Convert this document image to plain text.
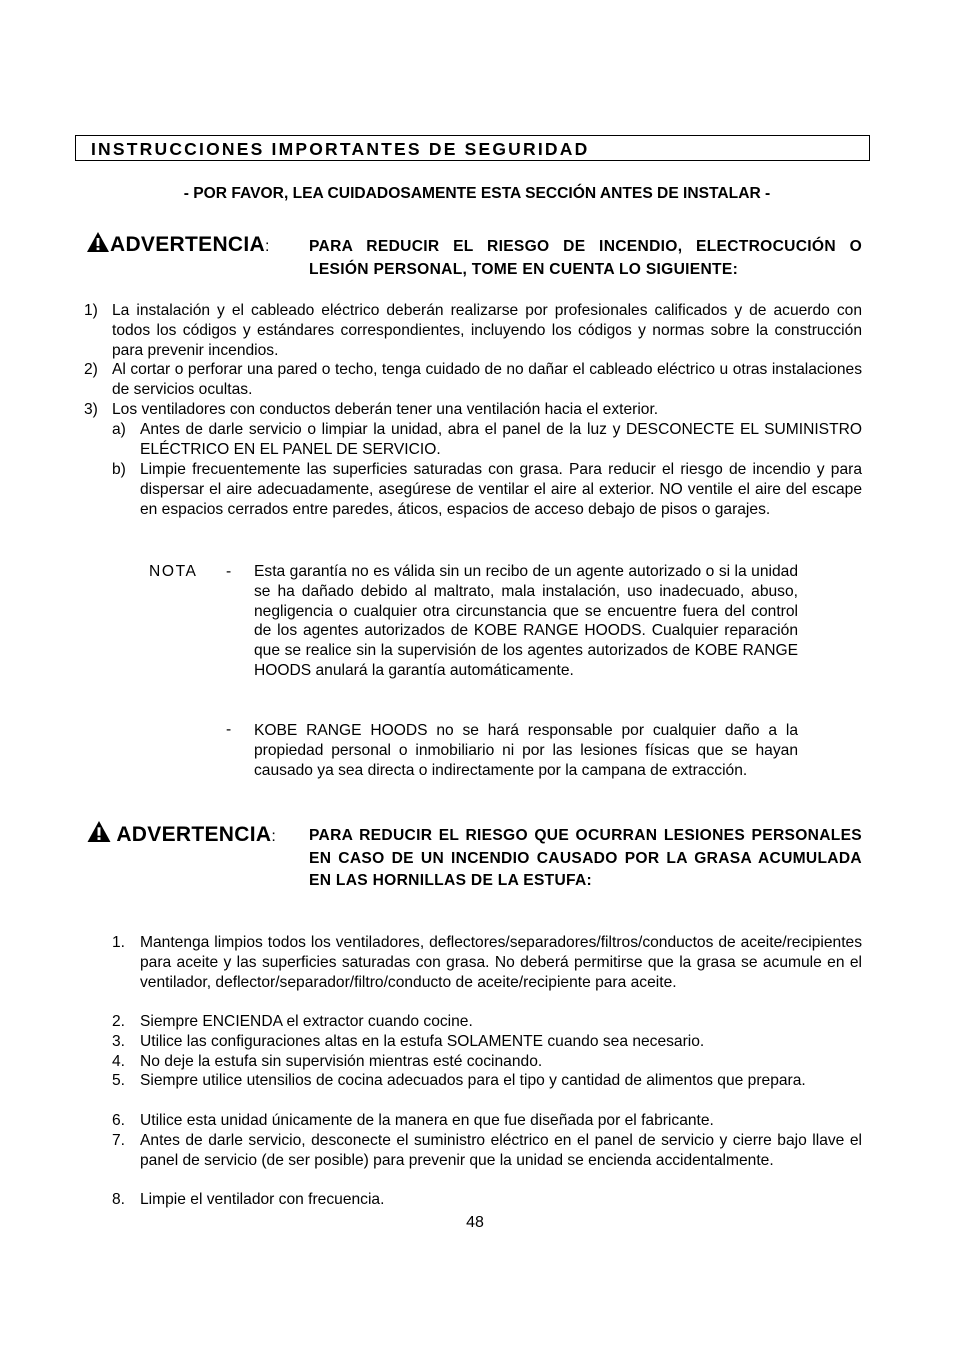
INSTRUCCIONES IMPORTANTES DE SEGURIDAD
- POR FAVOR, LEA CUIDADOSAMENTE ESTA SECCIÓN ANTES DE INSTALAR -
ADVERTENCIA:	PARA REDUCIR EL RIESGO DE INCENDIO, ELECTROCUCIÓN O LESIÓN PERSONAL, TOME EN CUENTA LO SIGUIENTE:
1) La instalación y el cableado eléctrico deberán realizarse por profesionales calificados y de acuerdo con todos los códigos y estándares correspondientes, incluyendo los códigos y normas sobre la construcción para prevenir incendios.
2) Al cortar o perforar una pared o techo, tenga cuidado de no dañar el cableado eléctrico u otras instalaciones de servicios ocultas.
3) Los ventiladores con conductos deberán tener una ventilación hacia el exterior.
a) Antes de darle servicio o limpiar la unidad, abra el panel de la luz y DESCONECTE EL SUMINISTRO ELÉCTRICO EN EL PANEL DE SERVICIO.
b) Limpie frecuentemente las superficies saturadas con grasa. Para reducir el riesgo de incendio y para dispersar el aire adecuadamente, asegúrese de ventilar el aire al exterior. NO ventile el aire del escape en espacios cerrados entre paredes, áticos, espacios de acceso debajo de pisos o garajes.
NOTA - Esta garantía no es válida sin un recibo de un agente autorizado o si la unidad se ha dañado debido al maltrato, mala instalación, uso inadecuado, abuso, negligencia o cualquier otra circunstancia que se encuentre fuera del control de los agentes autorizados de KOBE RANGE HOODS. Cualquier reparación que se realice sin la supervisión de los agentes autorizados de KOBE RANGE HOODS anulará la garantía automáticamente.
- KOBE RANGE HOODS no se hará responsable por cualquier daño a la propiedad personal o inmobiliario ni por las lesiones físicas que se hayan causado ya sea directa o indirectamente por la campana de extracción.
ADVERTENCIA: PARA REDUCIR EL RIESGO QUE OCURRAN LESIONES PERSONALES EN CASO DE UN INCENDIO CAUSADO POR LA GRASA ACUMULADA EN LAS HORNILLAS DE LA ESTUFA:
1. Mantenga limpios todos los ventiladores, deflectores/separadores/filtros/conductos de aceite/recipientes para aceite y las superficies saturadas con grasa. No deberá permitirse que la grasa se acumule en el ventilador, deflector/separador/filtro/conducto de aceite/recipiente para aceite.
2. Siempre ENCIENDA el extractor cuando cocine.
3. Utilice las configuraciones altas en la estufa SOLAMENTE cuando sea necesario.
4. No deje la estufa sin supervisión mientras esté cocinando.
5. Siempre utilice utensilios de cocina adecuados para el tipo y cantidad de alimentos que prepara.
6. Utilice esta unidad únicamente de la manera en que fue diseñada por el fabricante.
7. Antes de darle servicio, desconecte el suministro eléctrico en el panel de servicio y cierre bajo llave el panel de servicio (de ser posible) para prevenir que la unidad se encienda accidentalmente.
8. Limpie el ventilador con frecuencia.
48
